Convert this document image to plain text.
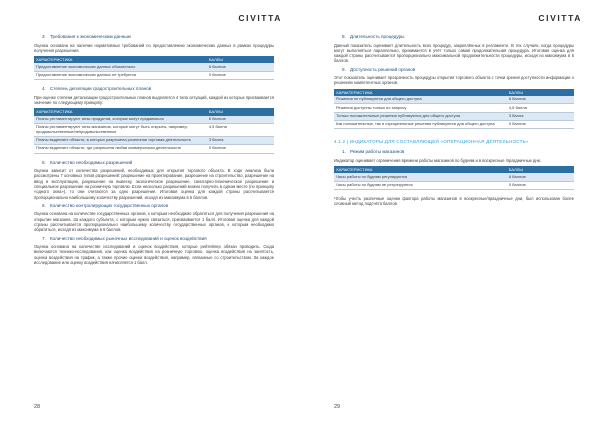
CIVITTA
3. Требования к экономическим данным

Оценка основана на наличии нормативных требований по предоставлению экономических данных в рамках процедуры получения разрешения.

ХАРАКТЕРИСТИКА	БАЛЛЫ
Предоставление экономических данных обязательно	6 баллов
Предоставление экономических данных не требуется	0 баллов
4. Степень дегиляции градостроительных планов

При оценке степени детализации градостроительных планов выделяется 4 типа ситуаций, каждой из которых присваивается значение по следующему принципу:

ХАРАКТЕРИСТИКА	БАЛЛЫ
Планы регламентируют типы продуктов, которые могут продаваться	6 баллов
Планы регламентируют типы магазинов, которые могут быть открыты, например, продовольственные/непродовольственные	4,5 балла
Планы выделяют области, в которых разрешена розничная торговая деятельность	3 балла
Планы выделяют области, где разрешена любая коммерческая деятельность	0 баллов
5. Количество необходимых разрешений

Оценка зависит от количества разрешений, необходимых для открытия торгового объекта. В ходе анализа были рассмотрены 7 основных типов разрешений: разрешение на проектирование, разрешение на строительство, разрешение на ввод в эксплуатацию, разрешение на вывеску, экологическое разрешение, санитарно-гигиеническое разрешение и специальное разрешение на розничную торговлю. Если несколько разрешений можно получить в одном месте (по принципу «одного окна»), то они считаются за одно разрешение. Итоговая оценка для каждой страны рассчитывается пропорционально наибольшему количеству разрешений, исходя из максимума в 6 баллов.

6. Количество контролирующих государственных органов

Оценка основана на количестве государственных органов, к которым необходимо обратиться для получения разрешения на открытие магазина. За каждого субъекта, с которым нужно связаться, присваивается 1 балл. Итоговая оценка для каждой страны рассчитывается пропорционально наибольшему количеству государственных органов, к которым необходимо обратиться, исходя из максимума в 6 баллов.

7. Количество необходимых рыночных исследований и оценок воздействия

Оценка основана на количестве исследований и оценок воздействия, которые рейтейлер обязан проводить. Сюда включаются технико-исследования, как оценка воздействия на розничную торговлю, оценка воздействия на занятость, оценка воздействия на трафик, а также прочие оценки воздействия, например, связанные со строительством. За каждое исследование или оценку воздействия начисляется 1 балл.

28
CIVITTA
8. Длительность процедуры

Данный показатель оценивает длительность всех процедур, закреплённых в регламенте. В тех случаях, когда процедуры могут выполняться параллельно, принимается в учёт только самая продолжительная процедура. Итоговая оценка для каждой страны рассчитывается пропорционально максимальной продолжительности процедуры, исходя из максимума в 6 баллов.

9. Доступность решений органов

Этот показатель оценивает прозрачность процедуры открытия торгового объекта с точки зрения доступности информации о решениях компетентных органов.

ХАРАКТЕРИСТИКА	БАЛЛЫ
Решения не публикуются для общего доступа	6 баллов
Решения доступны только по запросу	4,5 балла
Только положительные решения публикуются для общего доступа	3 балла
Как положительные, так и отрицательные решения публикуются для общего доступа	0 баллов
4.1.2 | ИНДИКАТОРЫ ДЛЯ СОСТАВЛЯЮЩЕЙ «ОПЕРАЦИОННАЯ ДЕЯТЕЛЬНОСТЬ»
1. Режим работы магазинов

Индикатор оценивает ограничения времени работы магазинов по будням и в воскресные /праздничные дни.

ХАРАКТЕРИСТИКА	БАЛЛЫ
Часы работы по будням регулируются	6 баллов
Часы работы по будням не регулируются	0 баллов

Чтобы учесть различные оценки фактора работы магазинов в воскресные/праздничные дни, был использован более сложный метод подсчёта баллов.

29
